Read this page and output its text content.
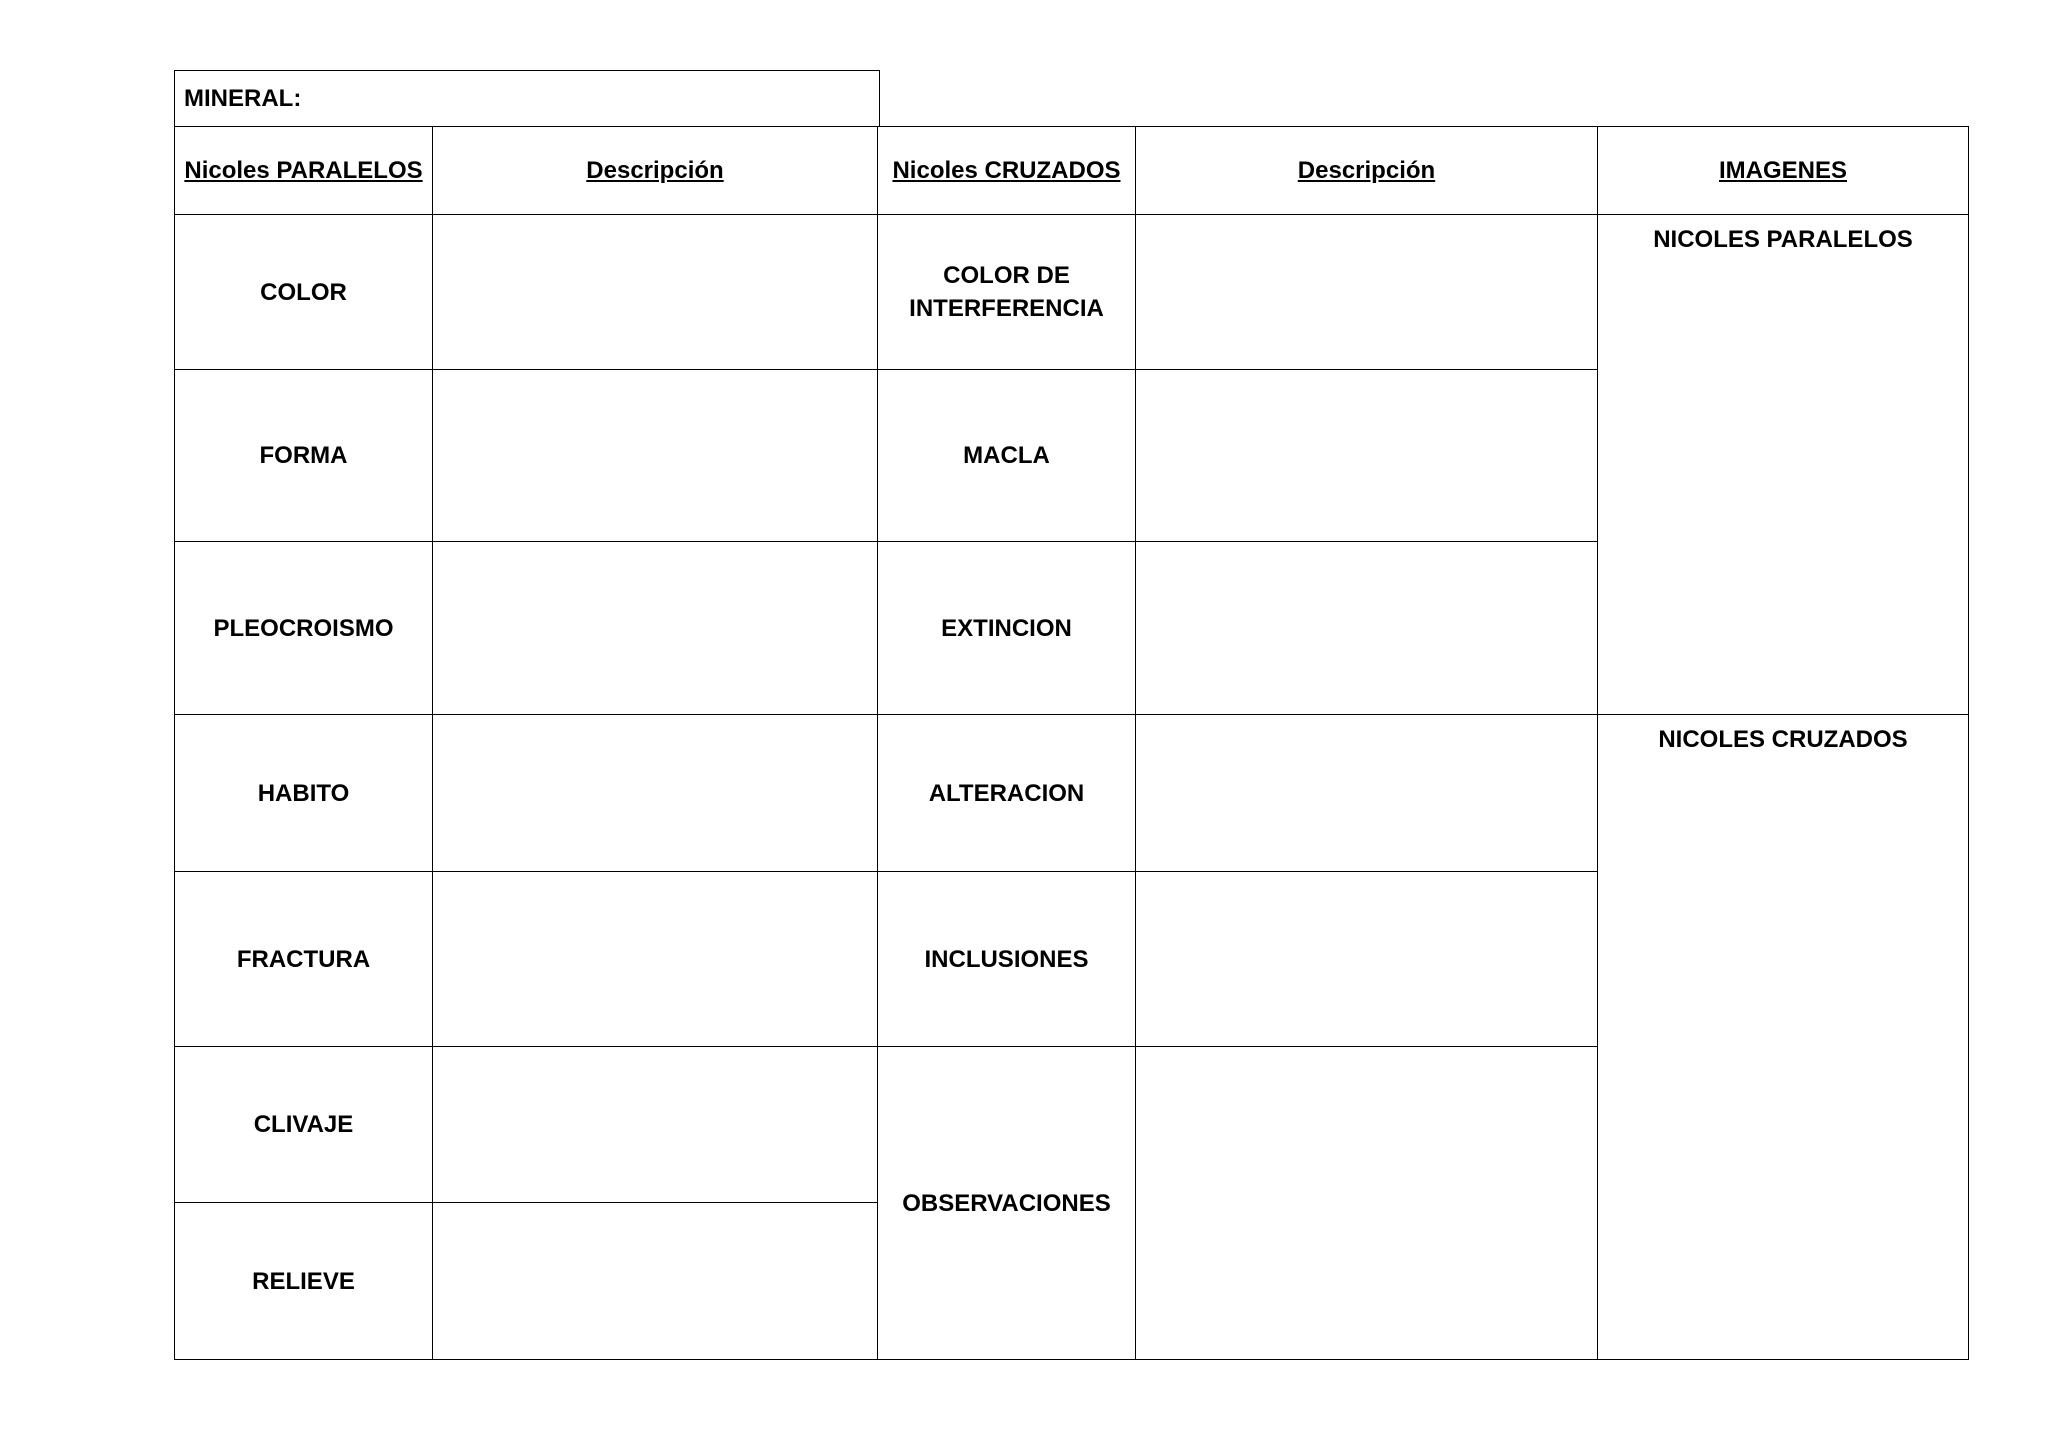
MINERAL:
Nicoles PARALELOS	Descripción	Nicoles CRUZADOS	Descripción	IMAGENES
COLOR		COLOR DE INTERFERENCIA		NICOLES PARALELOS
FORMA		MACLA		
PLEOCROISMO		EXTINCION		
HABITO		ALTERACION		NICOLES CRUZADOS
FRACTURA		INCLUSIONES		
CLIVAJE		OBSERVACIONES		
RELIEVE				
